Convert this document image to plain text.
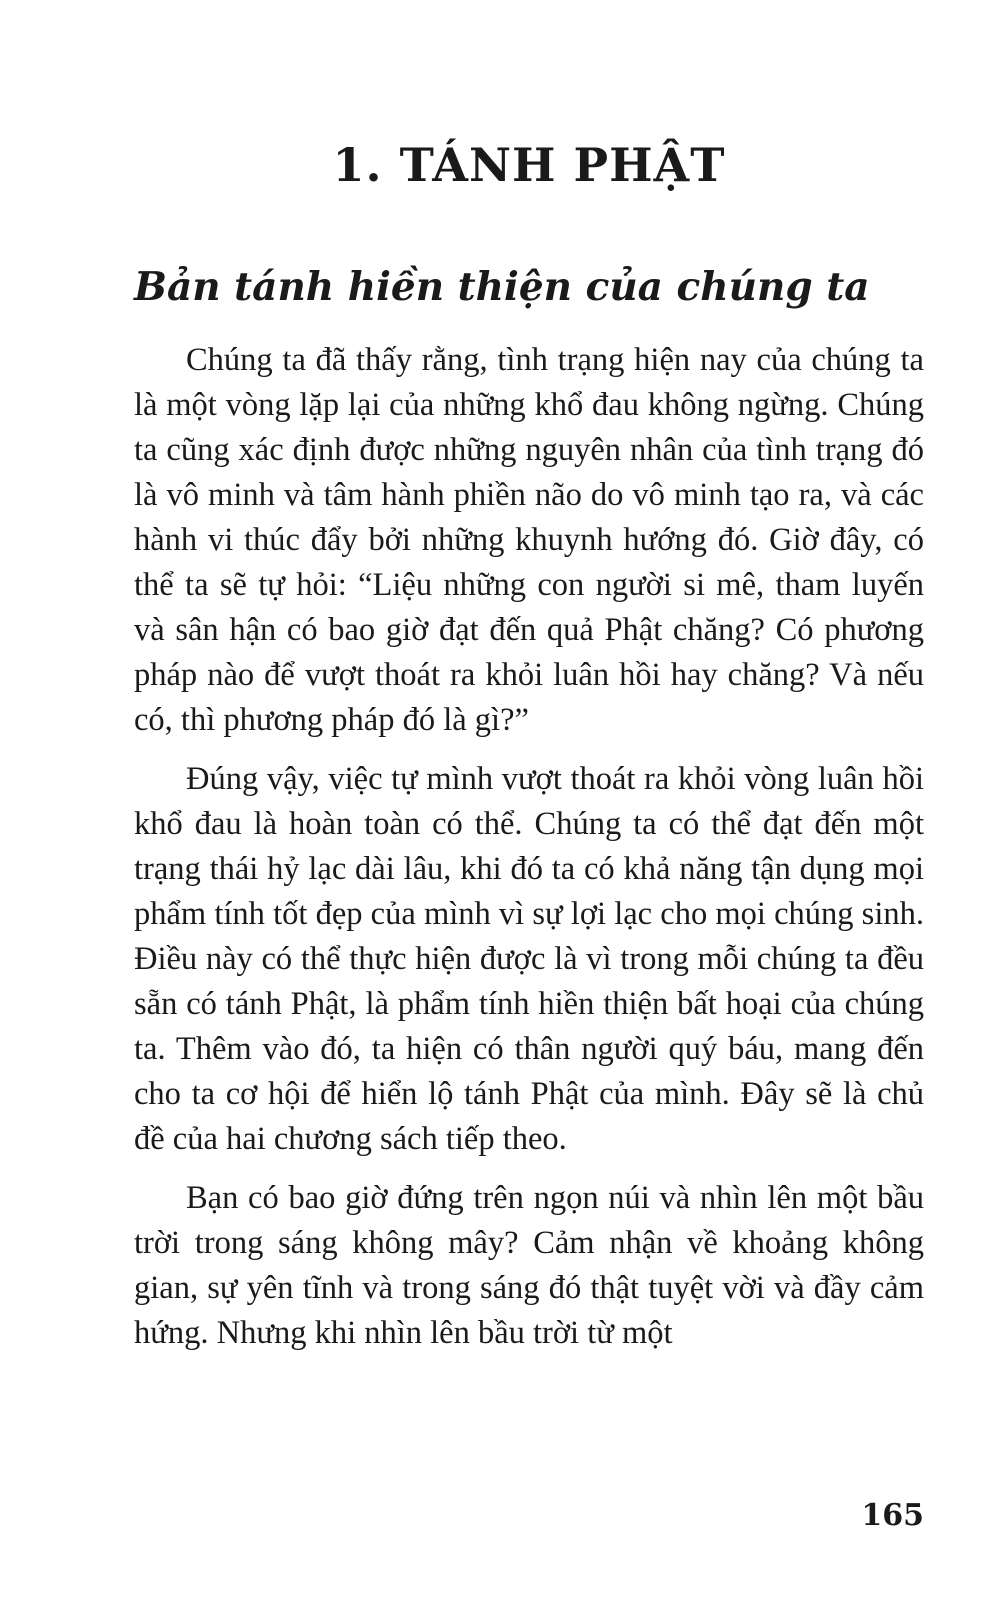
1. TÁNH PHẬT
Bản tánh hiền thiện của chúng ta

Chúng ta đã thấy rằng, tình trạng hiện nay của chúng ta là một vòng lặp lại của những khổ đau không ngừng. Chúng ta cũng xác định được những nguyên nhân của tình trạng đó là vô minh và tâm hành phiền não do vô minh tạo ra, và các hành vi thúc đẩy bởi những khuynh hướng đó. Giờ đây, có thể ta sẽ tự hỏi: “Liệu những con người si mê, tham luyến và sân hận có bao giờ đạt đến quả Phật chăng? Có phương pháp nào để vượt thoát ra khỏi luân hồi hay chăng? Và nếu có, thì phương pháp đó là gì?”

Đúng vậy, việc tự mình vượt thoát ra khỏi vòng luân hồi khổ đau là hoàn toàn có thể. Chúng ta có thể đạt đến một trạng thái hỷ lạc dài lâu, khi đó ta có khả năng tận dụng mọi phẩm tính tốt đẹp của mình vì sự lợi lạc cho mọi chúng sinh. Điều này có thể thực hiện được là vì trong mỗi chúng ta đều sẵn có tánh Phật, là phẩm tính hiền thiện bất hoại của chúng ta. Thêm vào đó, ta hiện có thân người quý báu, mang đến cho ta cơ hội để hiển lộ tánh Phật của mình. Đây sẽ là chủ đề của hai chương sách tiếp theo.

Bạn có bao giờ đứng trên ngọn núi và nhìn lên một bầu trời trong sáng không mây? Cảm nhận về khoảng không gian, sự yên tĩnh và trong sáng đó thật tuyệt vời và đầy cảm hứng. Nhưng khi nhìn lên bầu trời từ một

165
